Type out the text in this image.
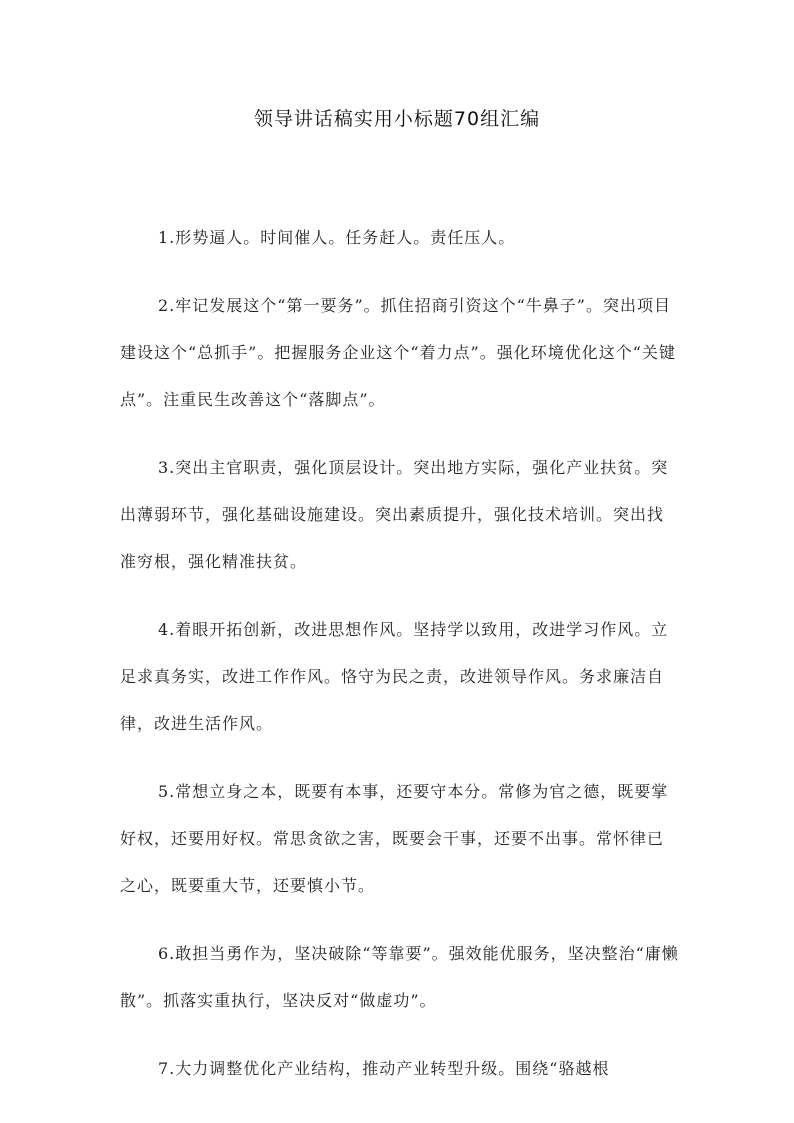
领导讲话稿实用小标题70组汇编

1.形势逼人。时间催人。任务赶人。责任压人。

2.牢记发展这个“第一要务”。抓住招商引资这个“牛鼻子”。突出项目建设这个“总抓手”。把握服务企业这个“着力点”。强化环境优化这个“关键点”。注重民生改善这个“落脚点”。

3.突出主官职责，强化顶层设计。突出地方实际，强化产业扶贫。突出薄弱环节，强化基础设施建设。突出素质提升，强化技术培训。突出找准穷根，强化精准扶贫。

4.着眼开拓创新，改进思想作风。坚持学以致用，改进学习作风。立足求真务实，改进工作作风。恪守为民之责，改进领导作风。务求廉洁自律，改进生活作风。

5.常想立身之本，既要有本事，还要守本分。常修为官之德，既要掌好权，还要用好权。常思贪欲之害，既要会干事，还要不出事。常怀律已之心，既要重大节，还要慎小节。

6.敢担当勇作为，坚决破除“等靠要”。强效能优服务，坚决整治“庸懒散”。抓落实重执行，坚决反对“做虚功”。

7.大力调整优化产业结构，推动产业转型升级。围绕“骆越根
